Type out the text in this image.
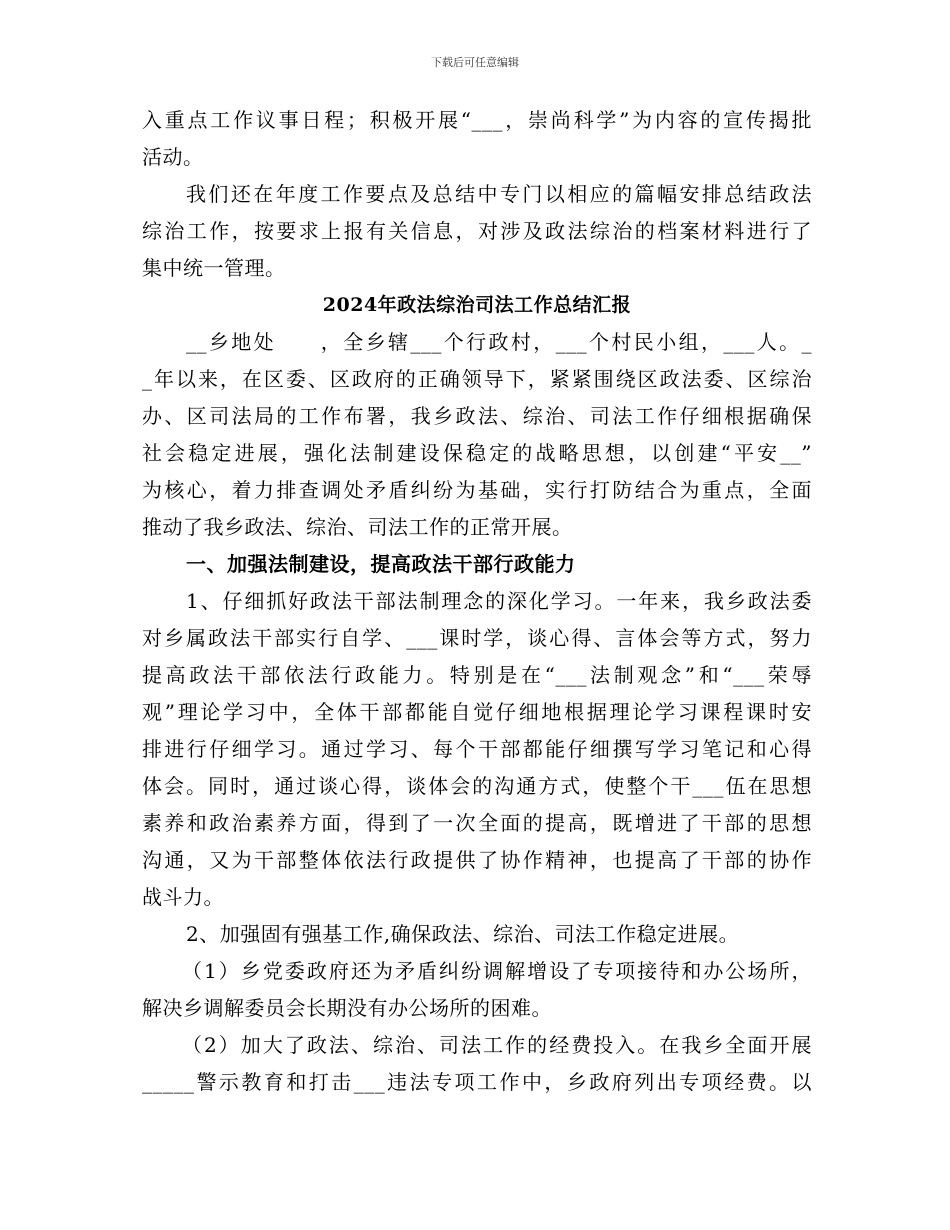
下载后可任意编辑
入重点工作议事日程；积极开展“___，崇尚科学”为内容的宣传揭批
活动。
我们还在年度工作要点及总结中专门以相应的篇幅安排总结政法
综治工作，按要求上报有关信息，对涉及政法综治的档案材料进行了
集中统一管理。
2024年政法综治司法工作总结汇报
__乡地处　　，全乡辖___个行政村，___个村民小组，___人。_
_年以来，在区委、区政府的正确领导下，紧紧围绕区政法委、区综治
办、区司法局的工作布署，我乡政法、综治、司法工作仔细根据确保
社会稳定进展，强化法制建设保稳定的战略思想，以创建“平安__”
为核心，着力排查调处矛盾纠纷为基础，实行打防结合为重点，全面
推动了我乡政法、综治、司法工作的正常开展。
一、加强法制建设，提高政法干部行政能力
1、仔细抓好政法干部法制理念的深化学习。一年来，我乡政法委
对乡属政法干部实行自学、___课时学，谈心得、言体会等方式，努力
提高政法干部依法行政能力。特别是在“___法制观念”和“___荣辱
观”理论学习中，全体干部都能自觉仔细地根据理论学习课程课时安
排进行仔细学习。通过学习、每个干部都能仔细撰写学习笔记和心得
体会。同时，通过谈心得，谈体会的沟通方式，使整个干___伍在思想
素养和政治素养方面，得到了一次全面的提高，既增进了干部的思想
沟通，又为干部整体依法行政提供了协作精神，也提高了干部的协作
战斗力。
2、加强固有强基工作,确保政法、综治、司法工作稳定进展。
（1）乡党委政府还为矛盾纠纷调解增设了专项接待和办公场所，
解决乡调解委员会长期没有办公场所的困难。
（2）加大了政法、综治、司法工作的经费投入。在我乡全面开展
_____警示教育和打击___违法专项工作中，乡政府列出专项经费。以
